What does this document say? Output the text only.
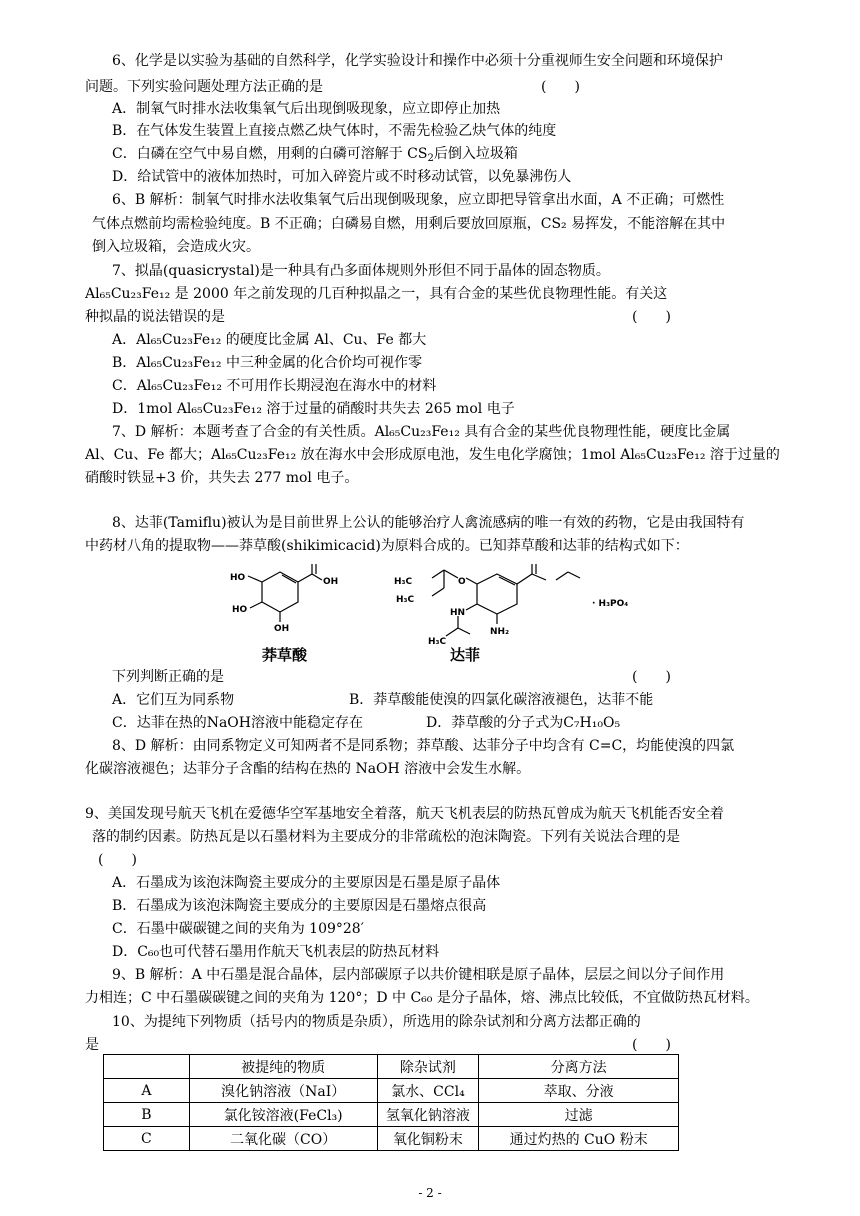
6、化学是以实验为基础的自然科学，化学实验设计和操作中必须十分重视师生安全问题和环境保护
问题。下列实验问题处理方法正确的是	(　　)
A．制氧气时排水法收集氧气后出现倒吸现象，应立即停止加热
B．在气体发生装置上直接点燃乙炔气体时，不需先检验乙炔气体的纯度
C．白磷在空气中易自燃，用剩的白磷可溶解于 $CS_2$后倒入垃圾箱
D．给试管中的液体加热时，可加入碎瓷片或不时移动试管，以免暴沸伤人
6、B 解析：制氧气时排水法收集氧气后出现倒吸现象，应立即把导管拿出水面，A 不正确；可燃性
气体点燃前均需检验纯度。B 不正确；白磷易自燃，用剩后要放回原瓶，CS₂ 易挥发，不能溶解在其中
倒入垃圾箱，会造成火灾。
7、拟晶(quasicrystal)是一种具有凸多面体规则外形但不同于晶体的固态物质。
Al₆₅Cu₂₃Fe₁₂ 是 2000 年之前发现的几百种拟晶之一，具有合金的某些优良物理性能。有关这
种拟晶的说法错误的是	(　　)
A．Al₆₅Cu₂₃Fe₁₂ 的硬度比金属 Al、Cu、Fe 都大
B．Al₆₅Cu₂₃Fe₁₂ 中三种金属的化合价均可视作零
C．Al₆₅Cu₂₃Fe₁₂ 不可用作长期浸泡在海水中的材料
D．1mol Al₆₅Cu₂₃Fe₁₂ 溶于过量的硝酸时共失去 265 mol 电子
7、D 解析：本题考查了合金的有关性质。Al₆₅Cu₂₃Fe₁₂ 具有合金的某些优良物理性能，硬度比金属
Al、Cu、Fe 都大；Al₆₅Cu₂₃Fe₁₂ 放在海水中会形成原电池，发生电化学腐蚀；1mol Al₆₅Cu₂₃Fe₁₂ 溶于过量的
硝酸时铁显+3 价，共失去 277 mol 电子。
8、达菲(Tamiflu)被认为是目前世界上公认的能够治疗人禽流感病的唯一有效的药物，它是由我国特有
中药材八角的提取物——莽草酸(shikimicacid)为原料合成的。已知莽草酸和达菲的结构式如下：
HO	OH
HO
OH
H₃C
H₃C
O
HN
NH₂
H₃C
· H₃PO₄
莽草酸	达菲
下列判断正确的是	(　　)
A．它们互为同系物	B．莽草酸能使溴的四氯化碳溶液褪色，达菲不能
C．达菲在热的NaOH溶液中能稳定存在	D．莽草酸的分子式为C₇H₁₀O₅
8、D 解析：由同系物定义可知两者不是同系物；莽草酸、达菲分子中均含有 C=C，均能使溴的四氯
化碳溶液褪色；达菲分子含酯的结构在热的 NaOH 溶液中会发生水解。
9、美国发现号航天飞机在爱德华空军基地安全着落，航天飞机表层的防热瓦曾成为航天飞机能否安全着
落的制约因素。防热瓦是以石墨材料为主要成分的非常疏松的泡沫陶瓷。下列有关说法合理的是
(　　)
A．石墨成为该泡沫陶瓷主要成分的主要原因是石墨是原子晶体
B．石墨成为该泡沫陶瓷主要成分的主要原因是石墨熔点很高
C．石墨中碳碳键之间的夹角为 109°28′
D．C₆₀也可代替石墨用作航天飞机表层的防热瓦材料
9、B 解析：A 中石墨是混合晶体，层内部碳原子以共价键相联是原子晶体，层层之间以分子间作用
力相连；C 中石墨碳碳键之间的夹角为 120°；D 中 C₆₀ 是分子晶体，熔、沸点比较低，不宜做防热瓦材料。
10、为提纯下列物质（括号内的物质是杂质），所选用的除杂试剂和分离方法都正确的
是	(　　)
	被提纯的物质	除杂试剂	分离方法
A	溴化钠溶液（NaI）	氯水、CCl₄	萃取、分液
B	氯化铵溶液(FeCl₃)	氢氧化钠溶液	过滤
C	二氧化碳（CO）	氧化铜粉末	通过灼热的 CuO 粉末
- 2 -
